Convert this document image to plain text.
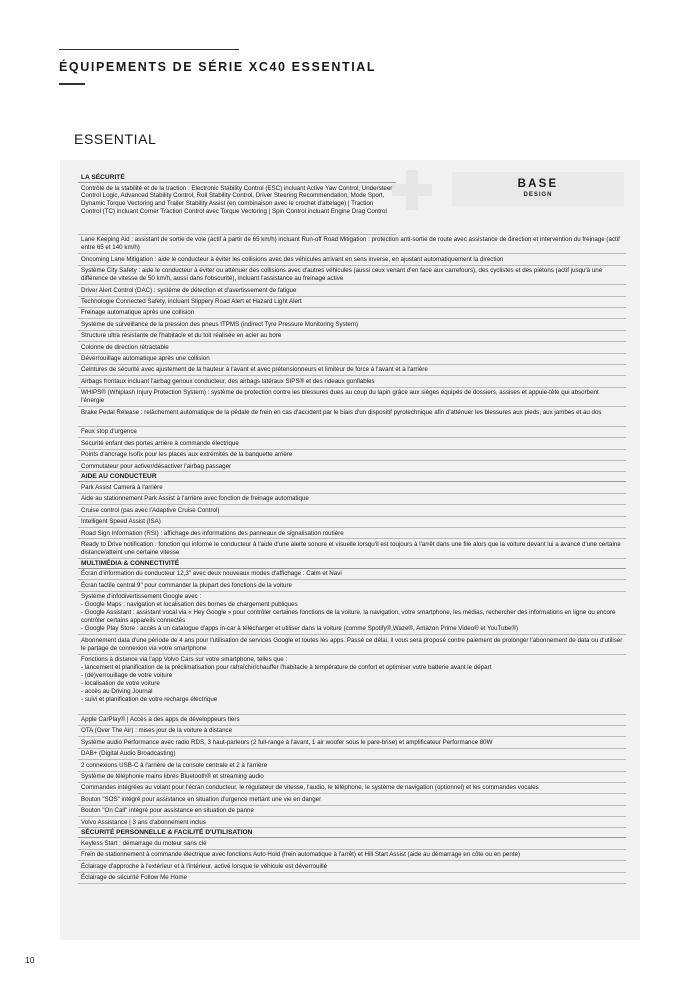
ÉQUIPEMENTS DE SÉRIE XC40 ESSENTIAL
ESSENTIAL
BASE
DESIGN
LA SÉCURITÉ
Contrôle de la stabilité et de la traction : Electronic Stability Control (ESC) incluant Active Yaw Control, Understeer Control Logic, Advanced Stability Control, Roll Stability Control, Driver Steering Recommendation, Mode Sport, Dynamic Torque Vectoring and Trailer Stability Assist (en combinaison avec le crochet d'attelage) | Traction Control (TC) incluant Corner Traction Control avec Torque Vectoring | Spin Control incluant Engine Drag Control
Lane Keeping Aid : assistant de sortie de voie (actif à partir de 65 km/h) incluant Run-off Road Mitigation : protection anti-sortie de route avec assistance de direction et intervention du freinage (actif entre 65 et 140 km/h)
Oncoming Lane Mitigation : aide le conducteur à éviter les collisions avec des véhicules arrivant en sens inverse, en ajustant automatiquement la direction
Système City Safety : aide le conducteur à éviter ou atténuer des collisions avec d'autres véhicules (aussi ceux venant d'en face aux carrefours), des cyclistes et des piétons (actif jusqu'à une différence de vitesse de 50 km/h, aussi dans l'obscurité), incluant l'assistance au freinage active
Driver Alert Control (DAC) : système de détection et d'avertissement de fatigue
Technologie Connected Safety, incluant Slippery Road Alert et Hazard Light Alert
Freinage automatique après une collision
Système de surveillance de la pression des pneus ITPMS (indirect Tyre Pressure Monitoring System)
Structure ultra résistante de l'habitacle et du toit réalisée en acier au bore
Colonne de direction rétractable
Déverrouillage automatique après une collision
Ceintures de sécurité avec ajustement de la hauteur à l'avant et avec prétensionneurs et limiteur de force à l'avant et à l'arrière
Airbags frontaux incluant l'airbag genoux conducteur, des airbags latéraux SIPS® et des rideaux gonflables
WHIPS® (Whiplash Injury Protection System) : système de protection contre les blessures dues au coup du lapin grâce aux sièges équipés de dossiers, assises et appuie-tête qui absorbent l'énergie
Brake Pedal Release : relâchement automatique de la pédale de frein en cas d'accident par le biais d'un dispositif pyrotechnique afin d'atténuer les blessures aux pieds, aux jambes et au dos
Feux stop d'urgence
Sécurité enfant des portes arrière à commande électrique
Points d'ancrage Isofix pour les places aux extrémités de la banquette arrière
Commutateur pour activer/désactiver l'airbag passager
AIDE AU CONDUCTEUR
Park Assist Camera à l'arrière
Aide au stationnement Park Assist à l'arrière avec fonction de freinage automatique
Cruise control (pas avec l'Adaptive Cruise Control)
Intelligent Speed Assist (ISA)
Road Sign Information (RSI) : affichage des informations des panneaux de signalisation routière
Ready to Drive notification : fonction qui informe le conducteur à l'aide d'une alerte sonore et visuelle lorsqu'il est toujours à l'arrêt dans une file alors que la voiture devant lui a avancé d'une certaine distance/atteint une certaine vitesse
MULTIMÉDIA & CONNECTIVITÉ
Écran d'information du conducteur 12,3" avec deux nouveaux modes d'affichage : Calm et Navi
Écran tactile central 9" pour commander la plupart des fonctions de la voiture
Système d'infodivertissement Google avec :
- Google Maps : navigation et localisation des bornes de chargement publiques
- Google Assistant : assistant vocal via « Hey Google » pour contrôler certaines fonctions de la voiture, la navigation, votre smartphone, les médias, rechercher des informations en ligne ou encore contrôler certains appareils connectés
- Google Play Store : accès à un catalogue d'apps in-car à télécharger et utiliser dans la voiture (comme Spotify®,Waze®, Amazon Prime Video® et YouTube®)
Abonnement data d'une période de 4 ans pour l'utilisation de services Google et toutes les apps. Passé ce délai, il vous sera proposé contre paiement de prolonger l'abonnement de data ou d'utiliser le partage de connexion via votre smartphone
Fonctions à distance via l'app Volvo Cars sur votre smartphone, telles que :
- lancement et planification de la préclimatisation pour rafraîchir/chauffer l'habitacle à température de confort et optimiser votre batterie avant le départ
- (dé)verrouillage de votre voiture
- localisation de votre voiture
- accès au Driving Journal
- suivi et planification de votre recharge électrique
Apple CarPlay® | Accès à des apps de développeurs tiers
OTA (Over The Air) : mises jour de la voiture à distance
Système audio Performance avec radio RDS, 3 haut-parleurs (2 full-range à l'avant, 1 air woofer sous le pare-brise) et amplificateur Performance 80W
DAB+ (Digital Audio Broadcasting)
2 connexions USB-C à l'arrière de la console centrale et 2 à l'arrière
Système de téléphonie mains libres Bluetooth® et streaming audio
Commandes intégrées au volant pour l'écran conducteur, le régulateur de vitesse, l'audio, le téléphone, le système de navigation (optionnel) et les commandes vocales
Bouton "SOS" intégré pour assistance en situation d'urgence mettant une vie en danger
Bouton "On Call" intégré pour assistance en situation de panne
Volvo Assistance | 3 ans d'abonnement inclus
SÉCURITÉ PERSONNELLE & FACILITÉ D'UTILISATION
Keyless Start : démarrage du moteur sans clé
Frein de stationnement à commande électrique avec fonctions Auto Hold (frein automatique à l'arrêt) et Hill Start Assist (aide au démarrage en côte ou en pente)
Éclairage d'approche à l'extérieur et à l'intérieur, activé lorsque le véhicule est déverrouillé
Éclairage de sécurité Follow Me Home
10
